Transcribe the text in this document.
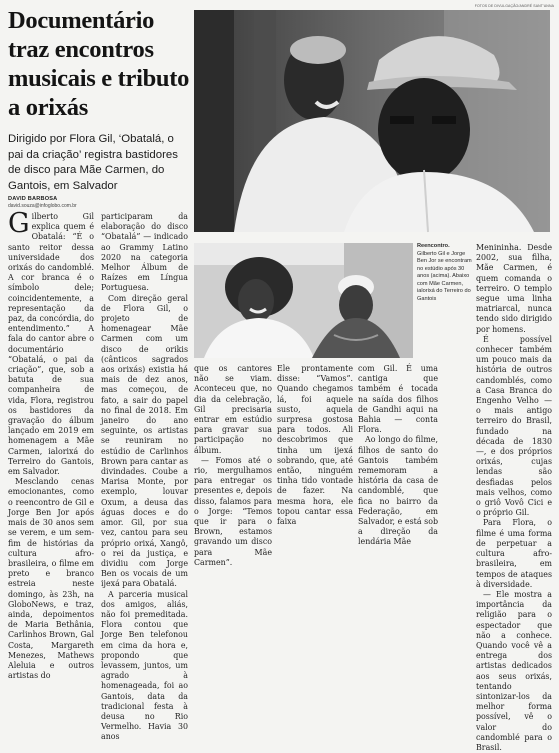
Documentário traz encontros musicais e tributo a orixás
Dirigido por Flora Gil, ‘Obatalá, o pai da criação’ registra bastidores de disco para Mãe Carmen, do Gantois, em Salvador
DAVID BARBOSA
david.souza@infoglobo.com.br
FOTOS DE DIVULGAÇÃO/ANDRÉ SANT’ANNA
Reencontro.
Gilberto Gil e Jorge Ben Jor se encontram no estúdio após 30 anos (acima). Abaixo com Mãe Carmen, ialorixá do Terreiro do Gantois

Gilberto Gil explica quem é Obatalá: “É o santo reitor dessa universidade dos orixás do candomblé. A cor branca é o símbolo dele; coincidentemente, a representação da paz, da concórdia, do entendimento.” A fala do cantor abre o documentário “Obatalá, o pai da criação”, que, sob a batuta de sua companheira de vida, Flora, registrou os bastidores da gravação do álbum lançado em 2019 em homenagem a Mãe Carmen, ialorixá do Terreiro do Gantois, em Salvador.

Mesclando cenas emocionantes, como o reencontro de Gil e Jorge Ben Jor após mais de 30 anos sem se verem, e um sem-fim de histórias da cultura afro-brasileira, o filme em preto e branco estreia neste domingo, às 23h, na GloboNews, e traz, ainda, depoimentos de Maria Bethânia, Carlinhos Brown, Gal Costa, Margareth Menezes, Mathews Aleluia e outros artistas do

participaram da elaboração do disco “Obatalá” — indicado ao Grammy Latino 2020 na categoria Melhor Álbum de Raízes em Língua Portuguesa.

Com direção geral de Flora Gil, o projeto de homenagear Mãe Carmen com um disco de orikis (cânticos sagrados aos orixás) existia há mais de dez anos, mas começou, de fato, a sair do papel no final de 2018. Em janeiro do ano seguinte, os artistas se reuniram no estúdio de Carlinhos Brown para cantar as divindades. Coube a Marisa Monte, por exemplo, louvar Oxum, a deusa das águas doces e do amor. Gil, por sua vez, cantou para seu próprio orixá, Xangô, o rei da justiça, e dividiu com Jorge Ben os vocais de um ijexá para Obatalá.

A parceria musical dos amigos, aliás, não foi premeditada. Flora contou que Jorge Ben telefonou em cima da hora e, propondo que levassem, juntos, um agrado à homenageada, foi ao Gantois, data da tradicional festa à deusa no Rio Vermelho. Havia 30 anos

que os cantores não se viam. Aconteceu que, no dia da celebração, Gil precisaria entrar em estúdio para gravar sua participação no álbum.

— Fomos até o rio, mergulhamos para entregar os presentes e, depois disso, falamos para o Jorge: “Temos que ir para o Brown, estamos gravando um disco para Mãe Carmen”.

Ele prontamente disse: “Vamos”. Quando chegamos lá, foi aquele susto, aquela surpresa gostosa para todos. Ali descobrimos que tinha um ijexá sobrando, que, até então, ninguém tinha tido vontade de fazer. Na mesma hora, ele topou cantar essa faixa

com Gil. É uma cantiga que também é tocada na saída dos filhos de Gandhi aqui na Bahia — conta Flora.

Ao longo do filme, filhos de santo do Gantois também rememoram a história da casa de candomblé, que fica no bairro da Federação, em Salvador, e está sob a direção da lendária Mãe

Menininha. Desde 2002, sua filha, Mãe Carmen, é quem comanda o terreiro. O templo segue uma linha matriarcal, nunca tendo sido dirigido por homens.

É possível conhecer também um pouco mais da história de outros candomblés, como a Casa Branca do Engenho Velho — o mais antigo terreiro do Brasil, fundado na década de 1830 —, e dos próprios orixás, cujas lendas são desfiadas pelos mais velhos, como o griô Vovô Cici e o próprio Gil.

Para Flora, o filme é uma forma de perpetuar a cultura afro-brasileira, em tempos de ataques à diversidade.

— Ele mostra a importância da religião para o espectador que não a conhece. Quando você vê a entrega dos artistas dedicados aos seus orixás, tentando sintonizar-los da melhor forma possível, vê o valor do candomblé para o Brasil.
